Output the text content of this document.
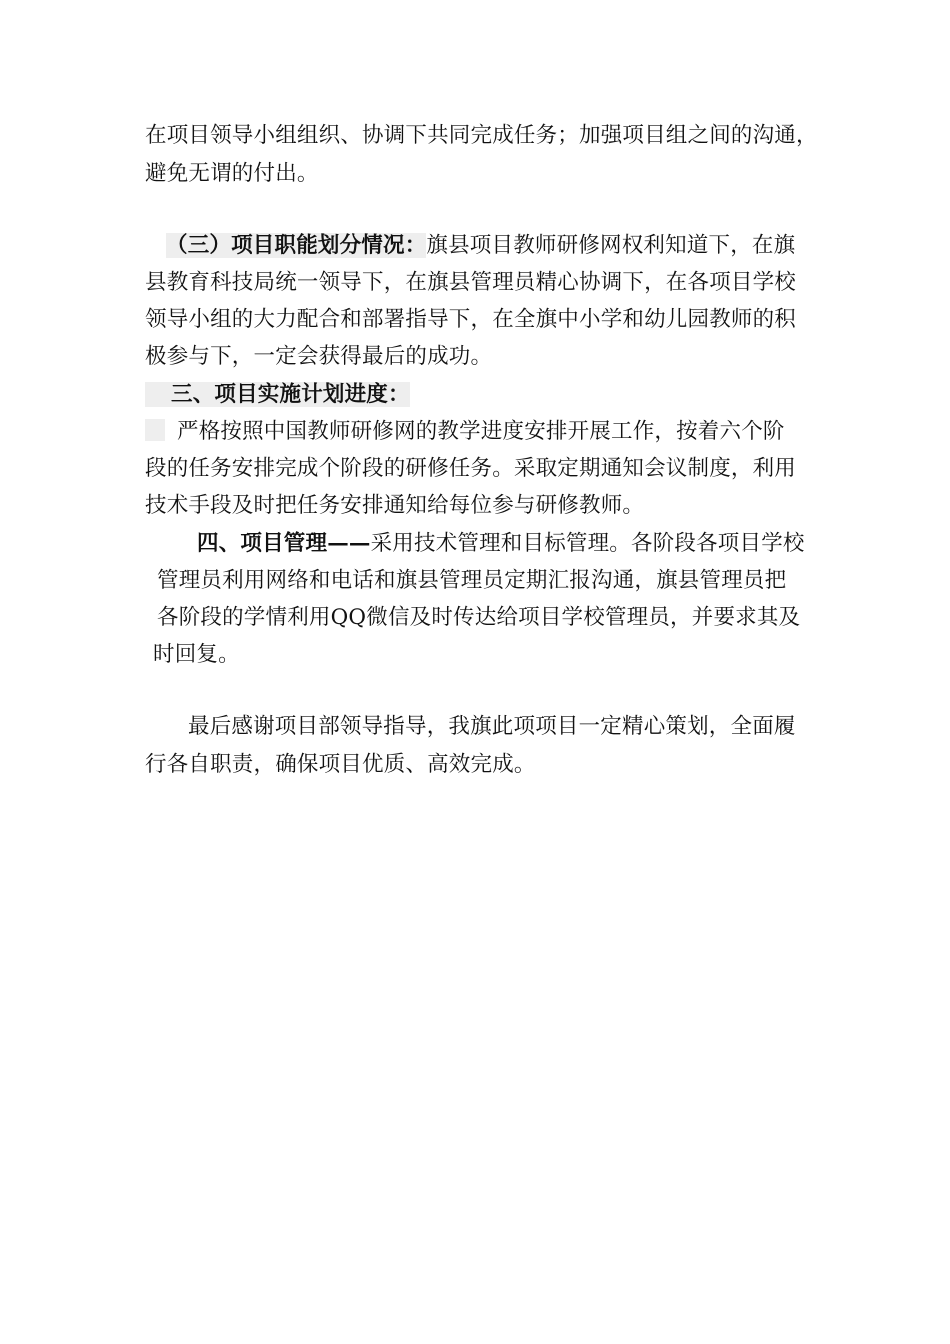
在项目领导小组组织、协调下共同完成任务；加强项目组之间的沟通，
避免无谓的付出。
（三）项目职能划分情况：旗县项目教师研修网权利知道下，在旗
县教育科技局统一领导下，在旗县管理员精心协调下，在各项目学校
领导小组的大力配合和部署指导下，在全旗中小学和幼儿园教师的积
极参与下，一定会获得最后的成功。
三、项目实施计划进度：
严格按照中国教师研修网的教学进度安排开展工作，按着六个阶
段的任务安排完成个阶段的研修任务。采取定期通知会议制度，利用
技术手段及时把任务安排通知给每位参与研修教师。
四、项目管理——采用技术管理和目标管理。各阶段各项目学校
管理员利用网络和电话和旗县管理员定期汇报沟通，旗县管理员把
各阶段的学情利用QQ微信及时传达给项目学校管理员，并要求其及
时回复。
最后感谢项目部领导指导，我旗此项项目一定精心策划，全面履
行各自职责，确保项目优质、高效完成。
